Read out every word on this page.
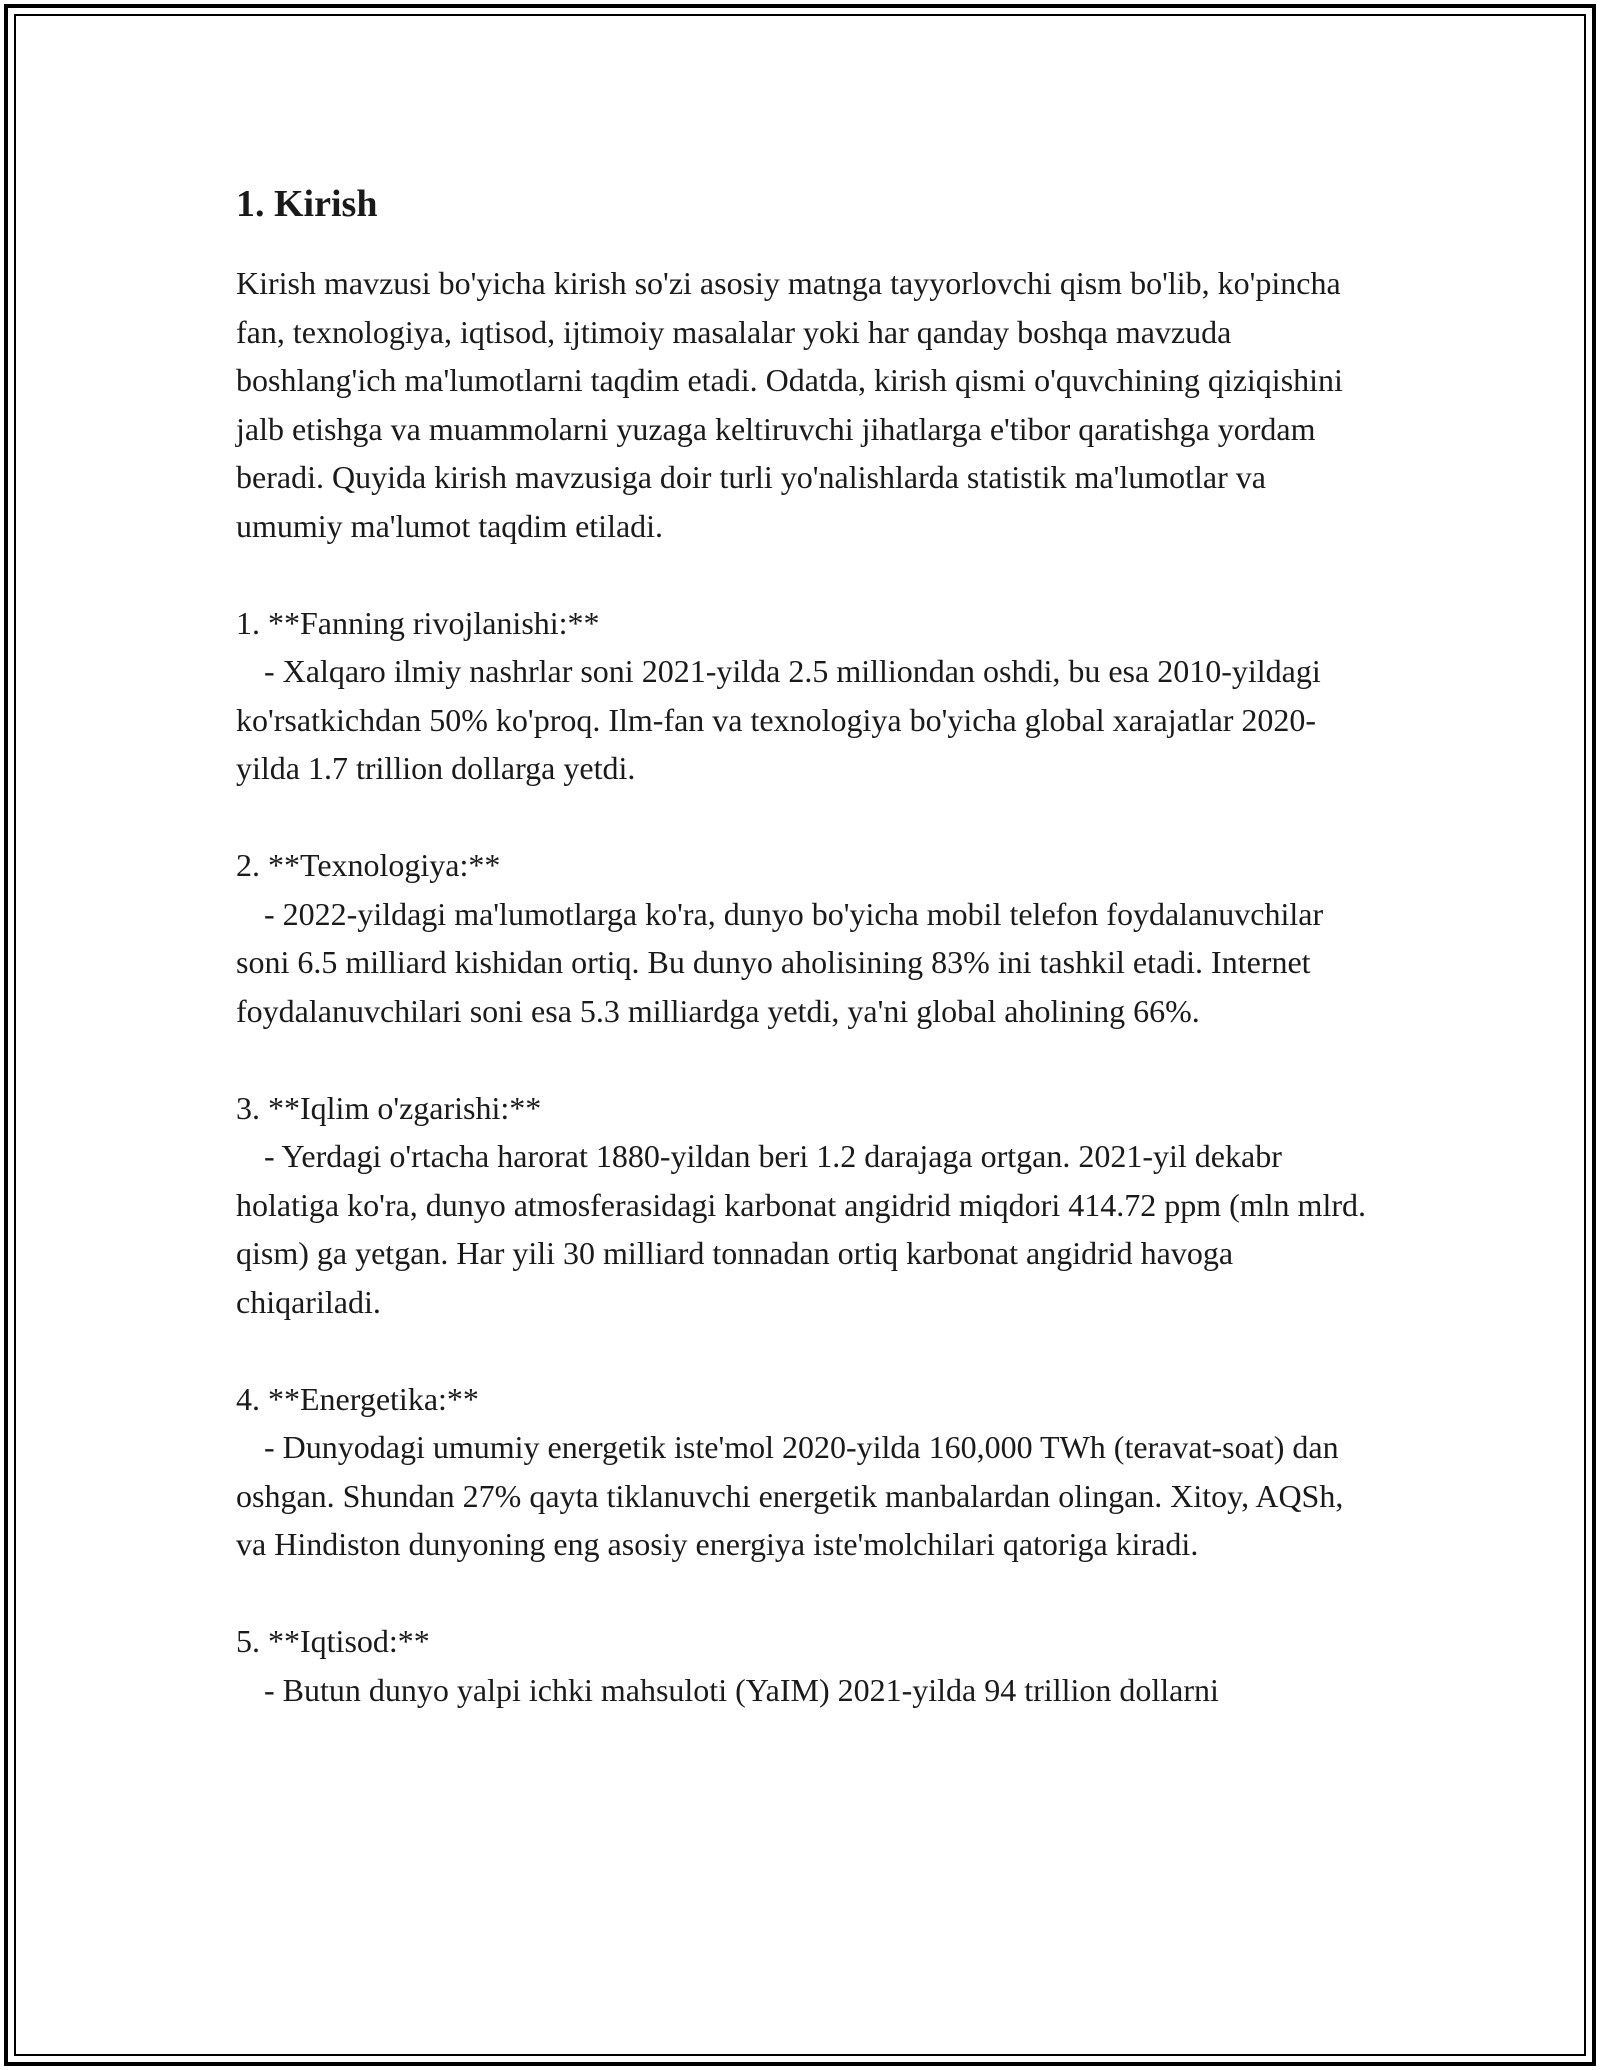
1. Kirish

Kirish mavzusi bo'yicha kirish so'zi asosiy matnga tayyorlovchi qism bo'lib, ko'pincha fan, texnologiya, iqtisod, ijtimoiy masalalar yoki har qanday boshqa mavzuda boshlang'ich ma'lumotlarni taqdim etadi. Odatda, kirish qismi o'quvchining qiziqishini jalb etishga va muammolarni yuzaga keltiruvchi jihatlarga e'tibor qaratishga yordam beradi. Quyida kirish mavzusiga doir turli yo'nalishlarda statistik ma'lumotlar va umumiy ma'lumot taqdim etiladi.

1. **Fanning rivojlanishi:**

- Xalqaro ilmiy nashrlar soni 2021-yilda 2.5 milliondan oshdi, bu esa 2010-yildagi ko'rsatkichdan 50% ko'proq. Ilm-fan va texnologiya bo'yicha global xarajatlar 2020-yilda 1.7 trillion dollarga yetdi.

2. **Texnologiya:**

- 2022-yildagi ma'lumotlarga ko'ra, dunyo bo'yicha mobil telefon foydalanuvchilar soni 6.5 milliard kishidan ortiq. Bu dunyo aholisining 83% ini tashkil etadi. Internet foydalanuvchilari soni esa 5.3 milliardga yetdi, ya'ni global aholining 66%.

3. **Iqlim o'zgarishi:**

- Yerdagi o'rtacha harorat 1880-yildan beri 1.2 darajaga ortgan. 2021-yil dekabr holatiga ko'ra, dunyo atmosferasidagi karbonat angidrid miqdori 414.72 ppm (mln mlrd. qism) ga yetgan. Har yili 30 milliard tonnadan ortiq karbonat angidrid havoga chiqariladi.

4. **Energetika:**

- Dunyodagi umumiy energetik iste'mol 2020-yilda 160,000 TWh (teravat-soat) dan oshgan. Shundan 27% qayta tiklanuvchi energetik manbalardan olingan. Xitoy, AQSh, va Hindiston dunyoning eng asosiy energiya iste'molchilari qatoriga kiradi.

5. **Iqtisod:**

- Butun dunyo yalpi ichki mahsuloti (YaIM) 2021-yilda 94 trillion dollarni
